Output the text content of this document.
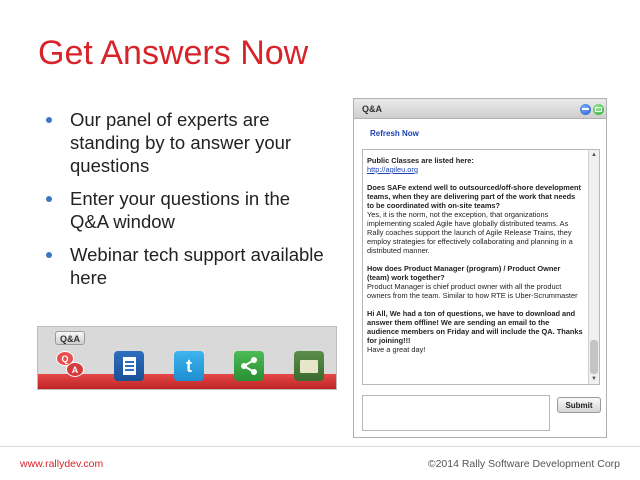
Get Answers Now
Our panel of experts are standing by to answer your questions
Enter your questions in the Q&A window
Webinar tech support available here
Q&A
Q
A	t
Q&A
Refresh Now

Public Classes are listed here:
http://agileu.org

Does SAFe extend well to outsourced/off-shore development teams, when they are delivering part of the work that needs to be coordinated with on-site teams?
Yes, it is the norm, not the exception, that organizations implementing scaled Agile have globally distributed teams. As Rally coaches support the launch of Agile Release Trains, they employ strategies for effectively collaborating and planning in a distributed manner.

How does Product Manager (program) / Product Owner (team) work together?
Product Manager is chief product owner with all the product owners from the team. Similar to how RTE is Uber-Scrummaster

Hi All, We had a ton of questions, we have to download and answer them offline! We are sending an email to the audience members on Friday and will include the QA. Thanks for joining!!!
Have a great day!

▲
▼
Submit
www.rallydev.com	©2014 Rally Software Development Corp
